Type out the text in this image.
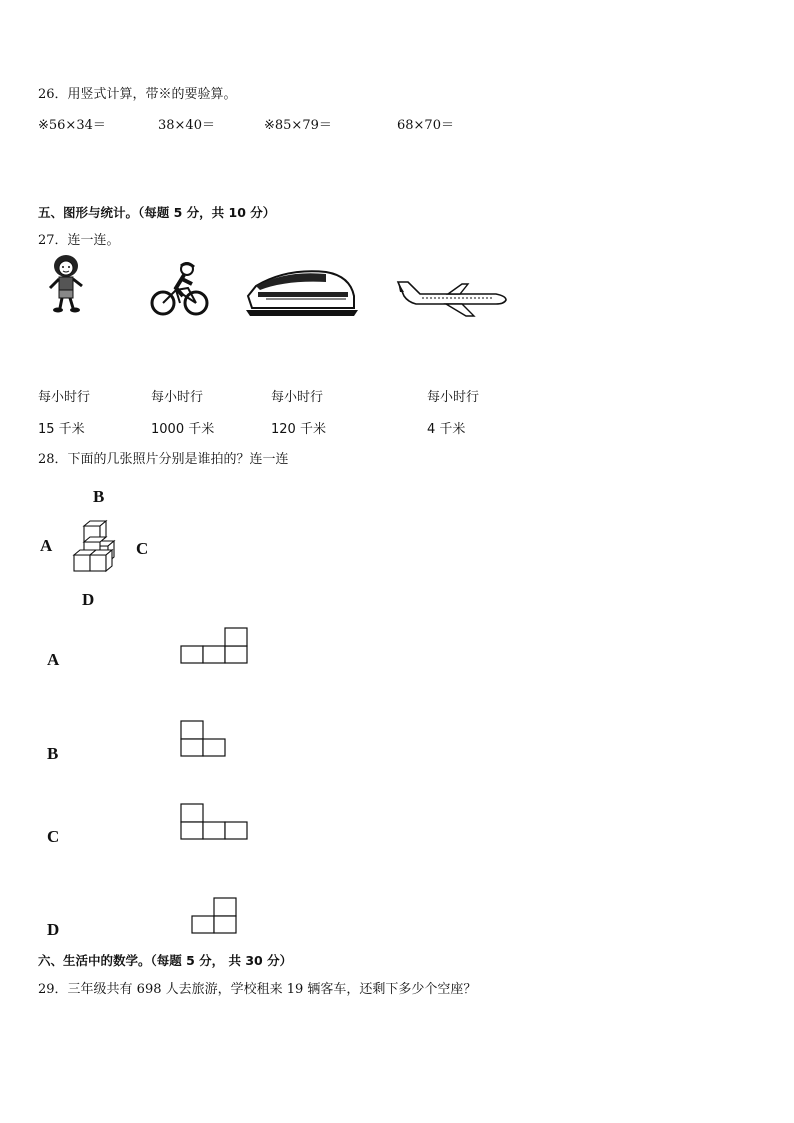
26．用竖式计算，带※的要验算。
※56×34＝	38×40＝	※85×79＝	68×70＝
五、图形与统计。（每题 5 分，共 10 分）
27．连一连。
每小时行
15 千米
每小时行
1000 千米
每小时行
120 千米
每小时行
4 千米
28．下面的几张照片分别是谁拍的？连一连
B
A	C
D
A
B
C
D
六、生活中的数学。（每题 5 分， 共 30 分）
29．三年级共有 698 人去旅游，学校租来 19 辆客车，还剩下多少个空座？
